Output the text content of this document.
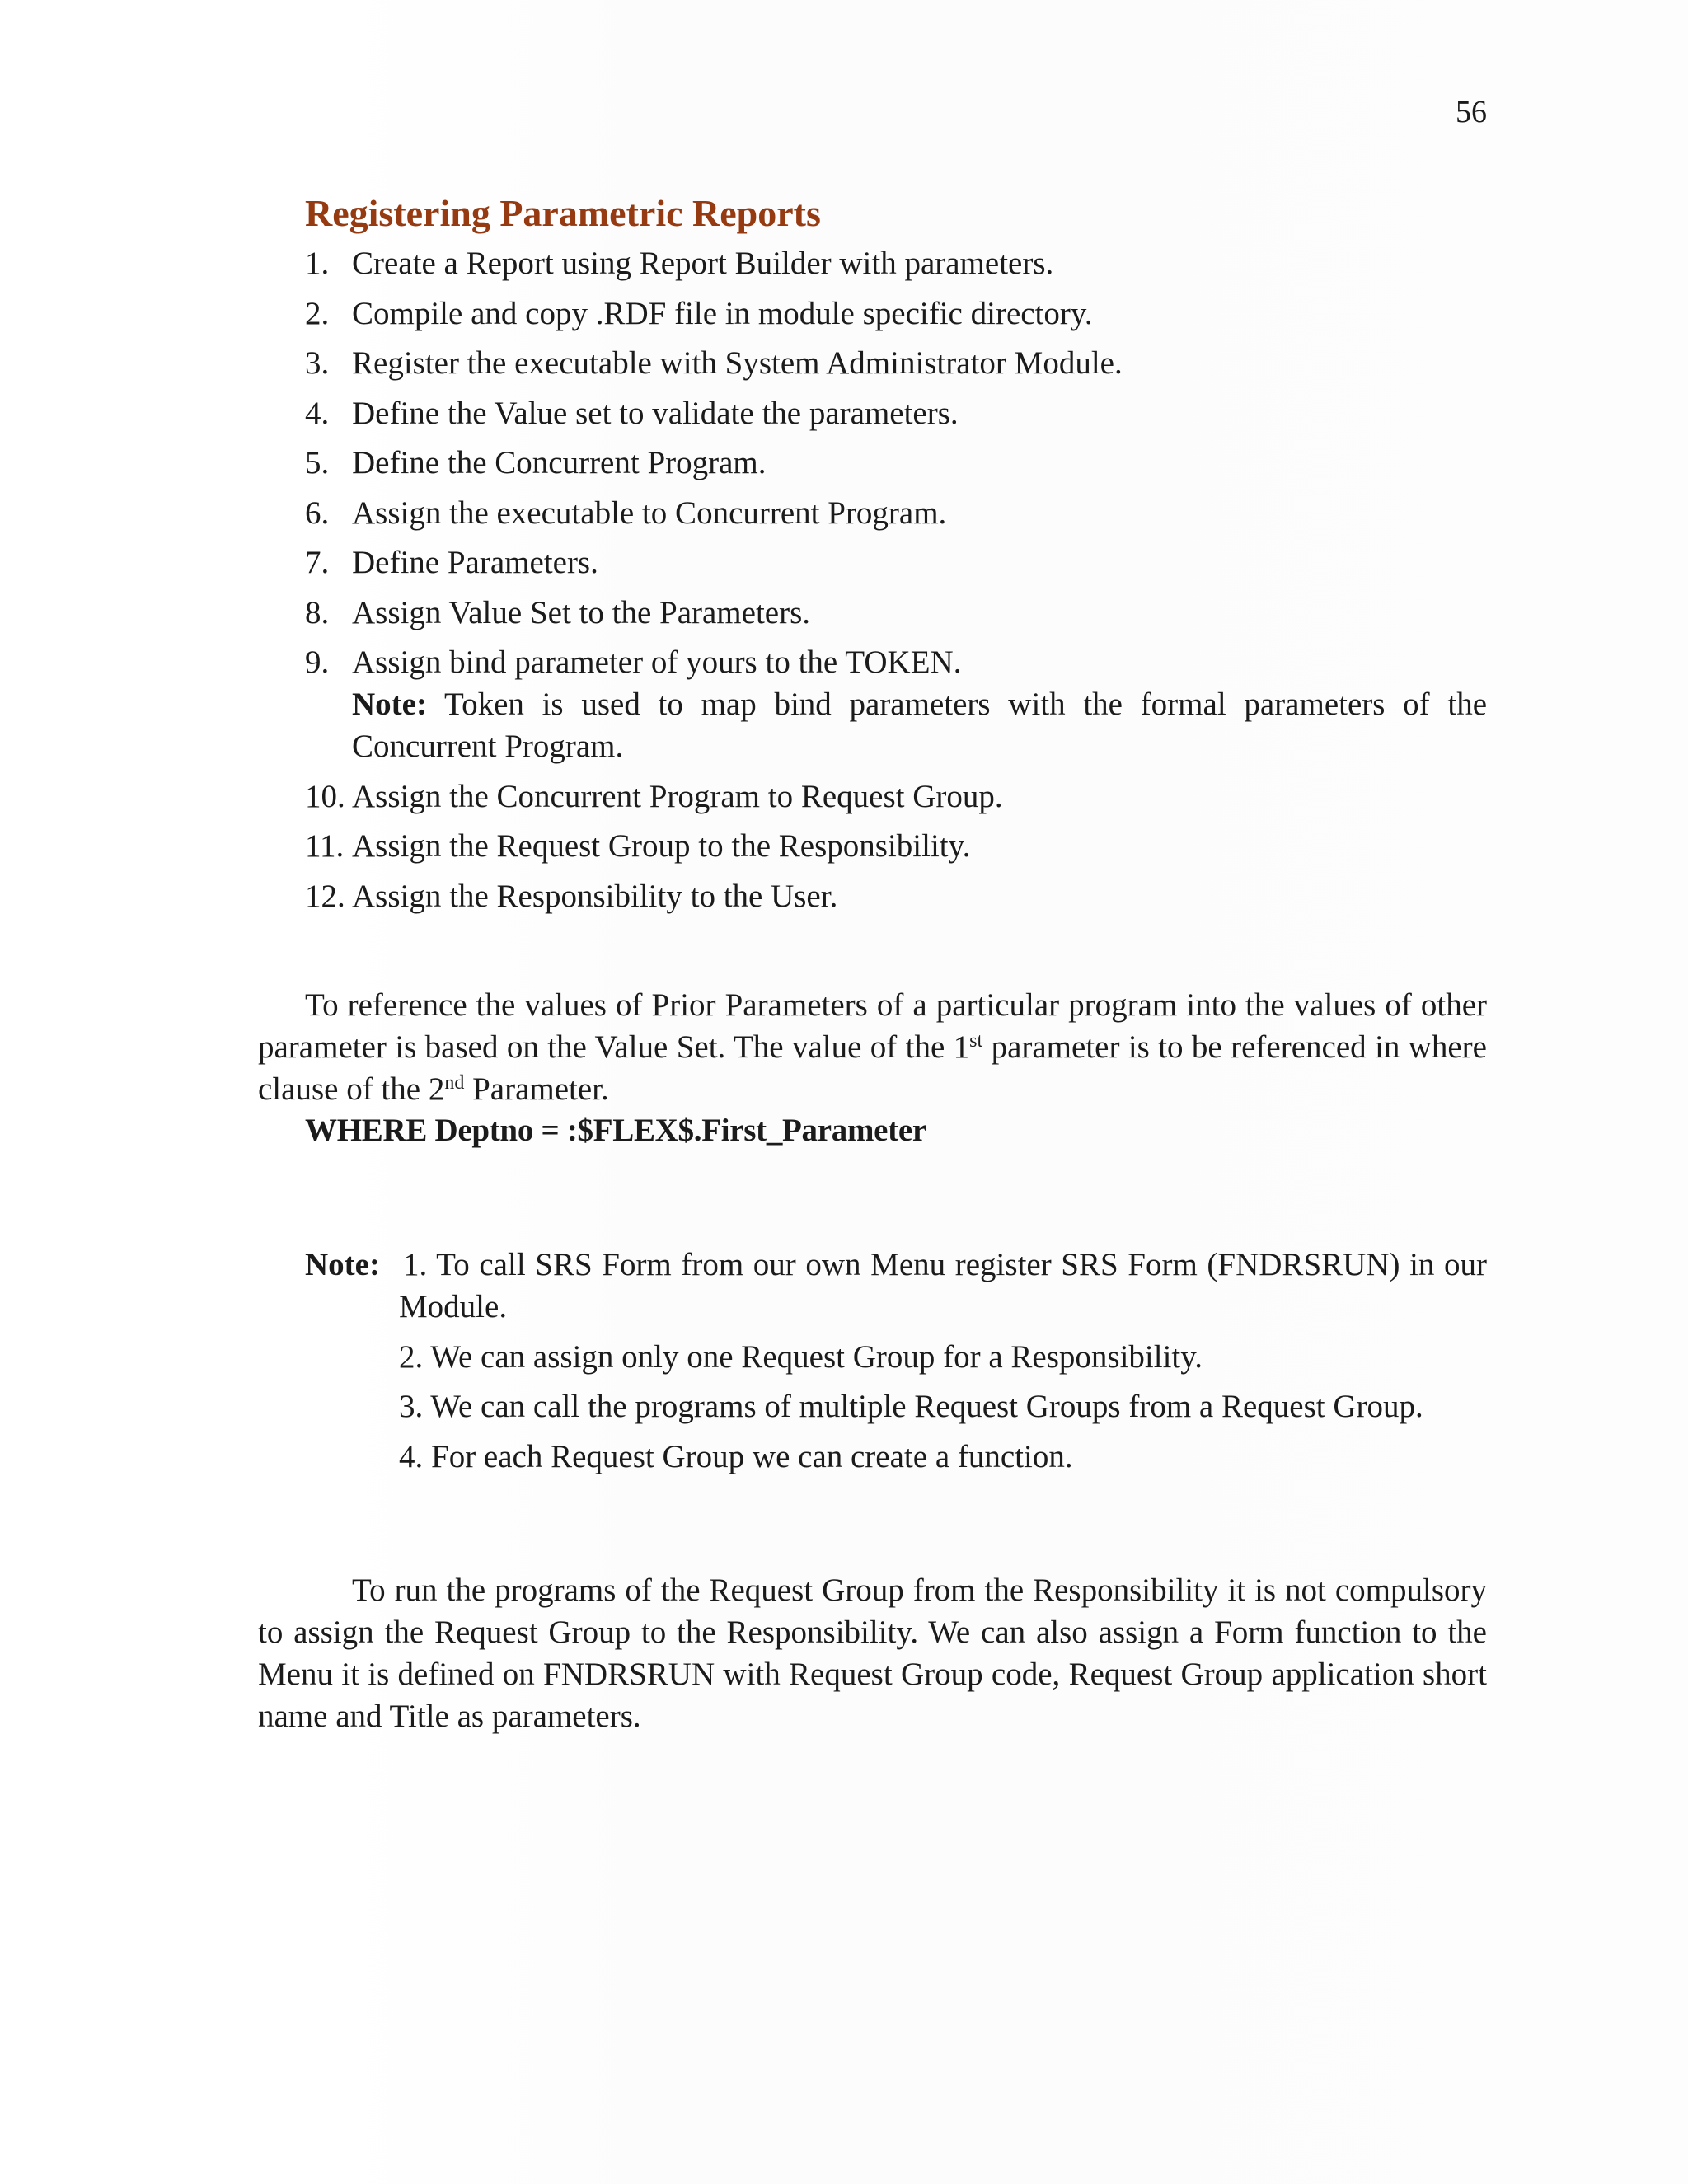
56
Registering Parametric Reports
1. Create a Report using Report Builder with parameters.
2. Compile and copy .RDF file in module specific directory.
3. Register the executable with System Administrator Module.
4. Define the Value set to validate the parameters.
5. Define the Concurrent Program.
6. Assign the executable to Concurrent Program.
7. Define Parameters.
8. Assign Value Set to the Parameters.
9. Assign bind parameter of yours to the TOKEN.
Note: Token is used to map bind parameters with the formal parameters of the Concurrent Program.
10. Assign the Concurrent Program to Request Group.
11. Assign the Request Group to the Responsibility.
12. Assign the Responsibility to the User.

To reference the values of Prior Parameters of a particular program into the values of other parameter is based on the Value Set. The value of the 1st parameter is to be referenced in where clause of the 2nd Parameter.

WHERE Deptno = :$FLEX$.First_Parameter
Note: 1. To call SRS Form from our own Menu register SRS Form (FNDRSRUN) in our Module.
2. We can assign only one Request Group for a Responsibility.
3. We can call the programs of multiple Request Groups from a Request Group.
4. For each Request Group we can create a function.

To run the programs of the Request Group from the Responsibility it is not compulsory to assign the Request Group to the Responsibility. We can also assign a Form function to the Menu it is defined on FNDRSRUN with Request Group code, Request Group application short name and Title as parameters.
